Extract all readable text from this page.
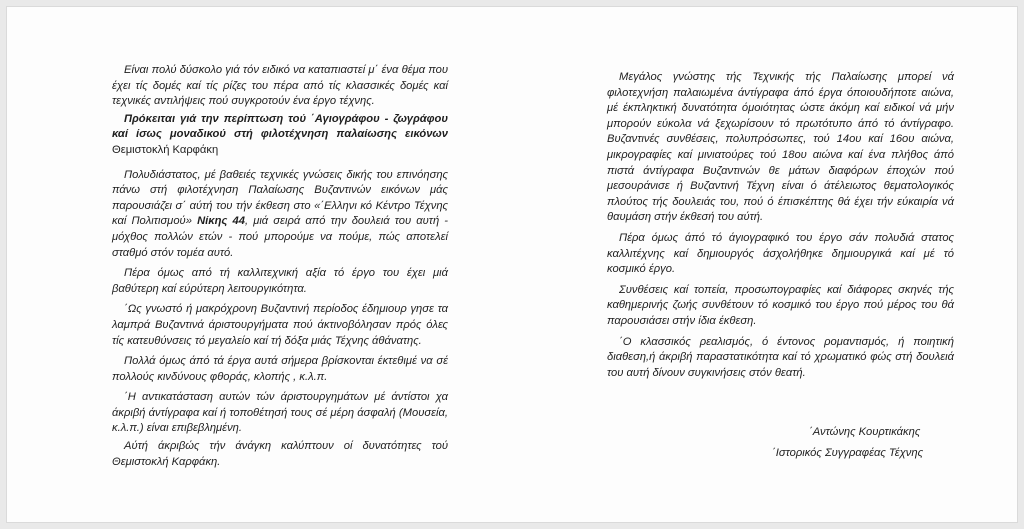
Είναι πολύ δύσκολο γιά τόν ειδικό να καταπιαστεί μ΄ ένα θέμα που έχει τίς δομές καί τίς ρίζες του πέρα από τίς κλασσικές δομές καί τεχνικές αντιλήψεις πού συγκροτούν ένα έργο τέχνης.

Πρόκειται γιά την περίπτωση τού ΄Αγιογράφου - ζωγράφου καί ίσως μοναδικού στή φιλοτέχνηση παλαίωσης εικόνων Θεμιστοκλή Καρφάκη

Πολυδιάστατος, μέ βαθειές τεχνικές γνώσεις δικής του επινόησης πάνω στή φιλοτέχνηση Παλαίωσης Βυζαντινών εικόνων μάς παρουσιάζει σ΄ αύτή του τήν έκθεση στο «΄Ελληνι κό Κέντρο Τέχνης καί Πολιτισμού» Νίκης 44, μιά σειρά από την δουλειά του αυτή - μόχθος πολλών ετών - πού μπορούμε να πούμε, πώς αποτελεί σταθμό στόν τομέα αυτό.

Πέρα όμως από τή καλλιτεχνική αξία τό έργο του έχει μιά βαθύτερη καί εύρύτερη λειτουργικότητα.

΄Ως γνωστό ή μακρόχρονη Βυζαντινή περίοδος έδημιουρ γησε τα λαμπρά Βυζαντινά άριστουργήματα πού άκτινοβόλησαν πρός όλες τίς κατευθύνσεις τό μεγαλείο καί τή δόξα μιάς Τέχνης άθάνατης.

Πολλά όμως άπό τά έργα αυτά σήμερα βρίσκονται έκτεθιμέ να σέ πολλούς κινδύνους φθοράς, κλοπής , κ.λ.π.

΄Η αντικατάσταση αυτών τών άριστουργημάτων μέ άντίστοι χα άκριβή άντίγραφα καί ή τοποθέτησή τους σέ μέρη άσφαλή (Μουσεία, κ.λ.π.) είναι επιβεβλημένη.

Αύτή άκριβώς τήν άνάγκη καλύπτουν οί δυνατότητες τού Θεμιστοκλή Καρφάκη.

Μεγάλος γνώστης τής Τεχνικής τής Παλαίωσης μπορεί νά φιλοτεχνήση παλαιωμένα άντίγραφα άπό έργα όποιουδήποτε αιώνα, μέ έκπληκτική δυνατότητα όμοιότητας ώστε άκόμη καί ειδικοί νά μήν μπορούν εύκολα νά ξεχωρίσουν τό πρωτότυπο άπό τό άντίγραφο. Βυζαντινές συνθέσεις, πολυπρόσωπες, τού 14ου καί 16ου αιώνα, μικρογραφίες καί μινιατούρες τού 18ου αιώνα καί ένα πλήθος άπό πιστά άντίγραφα Βυζαντινών θε μάτων διαφόρων έποχών πού μεσουράνισε ή Βυζαντινή Τέχνη είναι ό άτέλειωτος θεματολογικός πλούτος τής δουλειάς του, πού ό έπισκέπτης θά έχει τήν εύκαιρία νά θαυμάση στήν έκθεσή του αύτή.

Πέρα όμως άπό τό άγιογραφικό του έργο σάν πολυδιά στατος καλλιτέχνης καί δημιουργός άσχολήθηκε δημιουργικά καί μέ τό κοσμικό έργο.

Συνθέσεις καί τοπεία, προσωπογραφίες καί διάφορες σκηνές τής καθημερινής ζωής συνθέτουν τό κοσμικό του έργο πού μέρος του θά παρουσιάσει στήν ίδια έκθεση.

΄Ο κλασσικός ρεαλισμός, ό έντονος ρομαντισμός, ή ποιητική διαθεση,ή άκριβή παραστατικότητα καί τό χρωματικό φώς στή δουλειά του αυτή δίνουν συγκινήσεις στόν θεατή.

΄Αντώνης Κουρτικάκης
΄Ιστορικός Συγγραφέας Τέχνης
